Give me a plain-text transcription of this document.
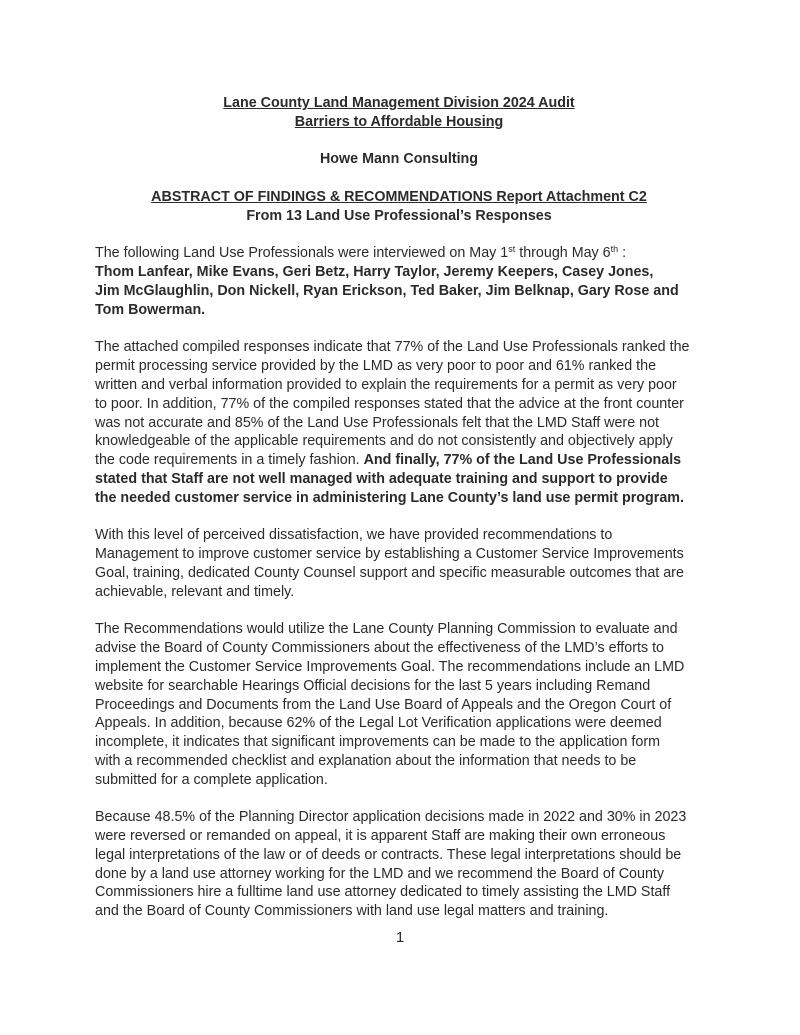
Lane County Land Management Division 2024 Audit
Barriers to Affordable Housing
Howe Mann Consulting
ABSTRACT OF FINDINGS & RECOMMENDATIONS Report Attachment C2
From 13 Land Use Professional’s Responses

The following Land Use Professionals were interviewed on May 1st through May 6th :
Thom Lanfear, Mike Evans, Geri Betz, Harry Taylor, Jeremy Keepers, Casey Jones,
Jim McGlaughlin, Don Nickell, Ryan Erickson, Ted Baker, Jim Belknap, Gary Rose and
Tom Bowerman.

The attached compiled responses indicate that 77% of the Land Use Professionals ranked the
permit processing service provided by the LMD as very poor to poor and 61% ranked the
written and verbal information provided to explain the requirements for a permit as very poor
to poor. In addition, 77% of the compiled responses stated that the advice at the front counter
was not accurate and 85% of the Land Use Professionals felt that the LMD Staff were not
knowledgeable of the applicable requirements and do not consistently and objectively apply
the code requirements in a timely fashion. And finally, 77% of the Land Use Professionals
stated that Staff are not well managed with adequate training and support to provide
the needed customer service in administering Lane County’s land use permit program.

With this level of perceived dissatisfaction, we have provided recommendations to
Management to improve customer service by establishing a Customer Service Improvements
Goal, training, dedicated County Counsel support and specific measurable outcomes that are
achievable, relevant and timely.

The Recommendations would utilize the Lane County Planning Commission to evaluate and
advise the Board of County Commissioners about the effectiveness of the LMD’s efforts to
implement the Customer Service Improvements Goal. The recommendations include an LMD
website for searchable Hearings Official decisions for the last 5 years including Remand
Proceedings and Documents from the Land Use Board of Appeals and the Oregon Court of
Appeals. In addition, because 62% of the Legal Lot Verification applications were deemed
incomplete, it indicates that significant improvements can be made to the application form
with a recommended checklist and explanation about the information that needs to be
submitted for a complete application.

Because 48.5% of the Planning Director application decisions made in 2022 and 30% in 2023
were reversed or remanded on appeal, it is apparent Staff are making their own erroneous
legal interpretations of the law or of deeds or contracts. These legal interpretations should be
done by a land use attorney working for the LMD and we recommend the Board of County
Commissioners hire a fulltime land use attorney dedicated to timely assisting the LMD Staff
and the Board of County Commissioners with land use legal matters and training.

1
